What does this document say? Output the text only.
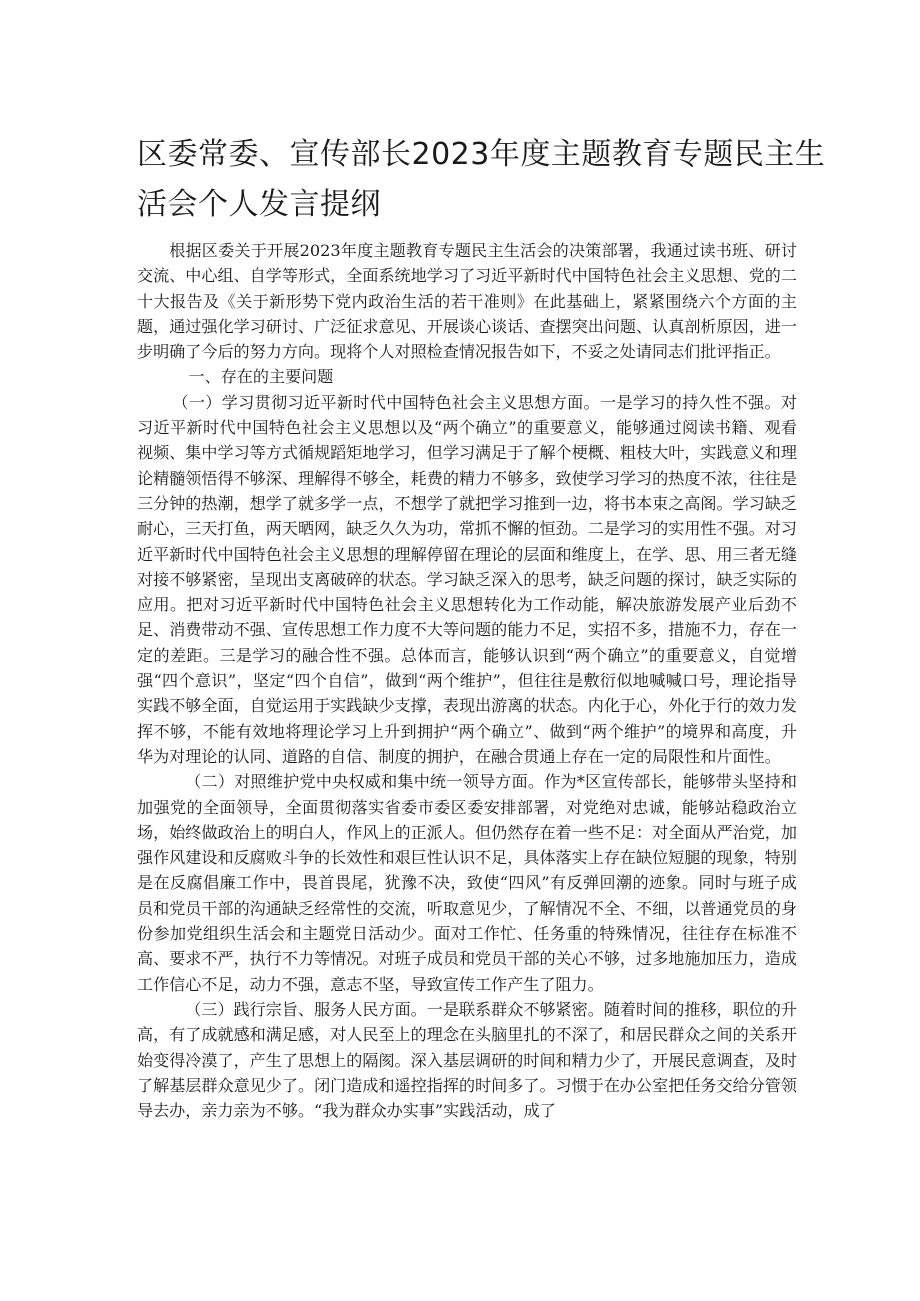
区委常委、宣传部长2023年度主题教育专题民主生
活会个人发言提纲

根据区委关于开展2023年度主题教育专题民主生活会的决策部署，我通过读书班、研讨交流、中心组、自学等形式，全面系统地学习了习近平新时代中国特色社会主义思想、党的二十大报告及《关于新形势下党内政治生活的若干准则》在此基础上，紧紧围绕六个方面的主题，通过强化学习研讨、广泛征求意见、开展谈心谈话、查摆突出问题、认真剖析原因，进一步明确了今后的努力方向。现将个人对照检查情况报告如下，不妥之处请同志们批评指正。

一、存在的主要问题

（一）学习贯彻习近平新时代中国特色社会主义思想方面。一是学习的持久性不强。对习近平新时代中国特色社会主义思想以及“两个确立”的重要意义，能够通过阅读书籍、观看视频、集中学习等方式循规蹈矩地学习，但学习满足于了解个梗概、粗枝大叶，实践意义和理论精髓领悟得不够深、理解得不够全，耗费的精力不够多，致使学习学习的热度不浓，往往是三分钟的热潮，想学了就多学一点，不想学了就把学习推到一边，将书本束之高阁。学习缺乏耐心，三天打鱼，两天晒网，缺乏久久为功，常抓不懈的恒劲。二是学习的实用性不强。对习近平新时代中国特色社会主义思想的理解停留在理论的层面和维度上，在学、思、用三者无缝对接不够紧密，呈现出支离破碎的状态。学习缺乏深入的思考，缺乏问题的探讨，缺乏实际的应用。把对习近平新时代中国特色社会主义思想转化为工作动能，解决旅游发展产业后劲不足、消费带动不强、宣传思想工作力度不大等问题的能力不足，实招不多，措施不力，存在一定的差距。三是学习的融合性不强。总体而言，能够认识到“两个确立”的重要意义，自觉增强“四个意识”，坚定“四个自信”，做到“两个维护”，但往往是敷衍似地喊喊口号，理论指导实践不够全面，自觉运用于实践缺少支撑，表现出游离的状态。内化于心，外化于行的效力发挥不够，不能有效地将理论学习上升到拥护“两个确立”、做到“两个维护”的境界和高度，升华为对理论的认同、道路的自信、制度的拥护，在融合贯通上存在一定的局限性和片面性。

（二）对照维护党中央权威和集中统一领导方面。作为*区宣传部长，能够带头坚持和加强党的全面领导，全面贯彻落实省委市委区委安排部署，对党绝对忠诚，能够站稳政治立场，始终做政治上的明白人，作风上的正派人。但仍然存在着一些不足：对全面从严治党，加强作风建设和反腐败斗争的长效性和艰巨性认识不足，具体落实上存在缺位短腿的现象，特别是在反腐倡廉工作中，畏首畏尾，犹豫不决，致使“四风”有反弹回潮的迹象。同时与班子成员和党员干部的沟通缺乏经常性的交流，听取意见少，了解情况不全、不细，以普通党员的身份参加党组织生活会和主题党日活动少。面对工作忙、任务重的特殊情况，往往存在标准不高、要求不严，执行不力等情况。对班子成员和党员干部的关心不够，过多地施加压力，造成工作信心不足，动力不强，意志不坚，导致宣传工作产生了阻力。

（三）践行宗旨、服务人民方面。一是联系群众不够紧密。随着时间的推移，职位的升高，有了成就感和满足感，对人民至上的理念在头脑里扎的不深了，和居民群众之间的关系开始变得冷漠了，产生了思想上的隔阂。深入基层调研的时间和精力少了，开展民意调查，及时了解基层群众意见少了。闭门造成和遥控指挥的时间多了。习惯于在办公室把任务交给分管领导去办，亲力亲为不够。“我为群众办实事”实践活动，成了
